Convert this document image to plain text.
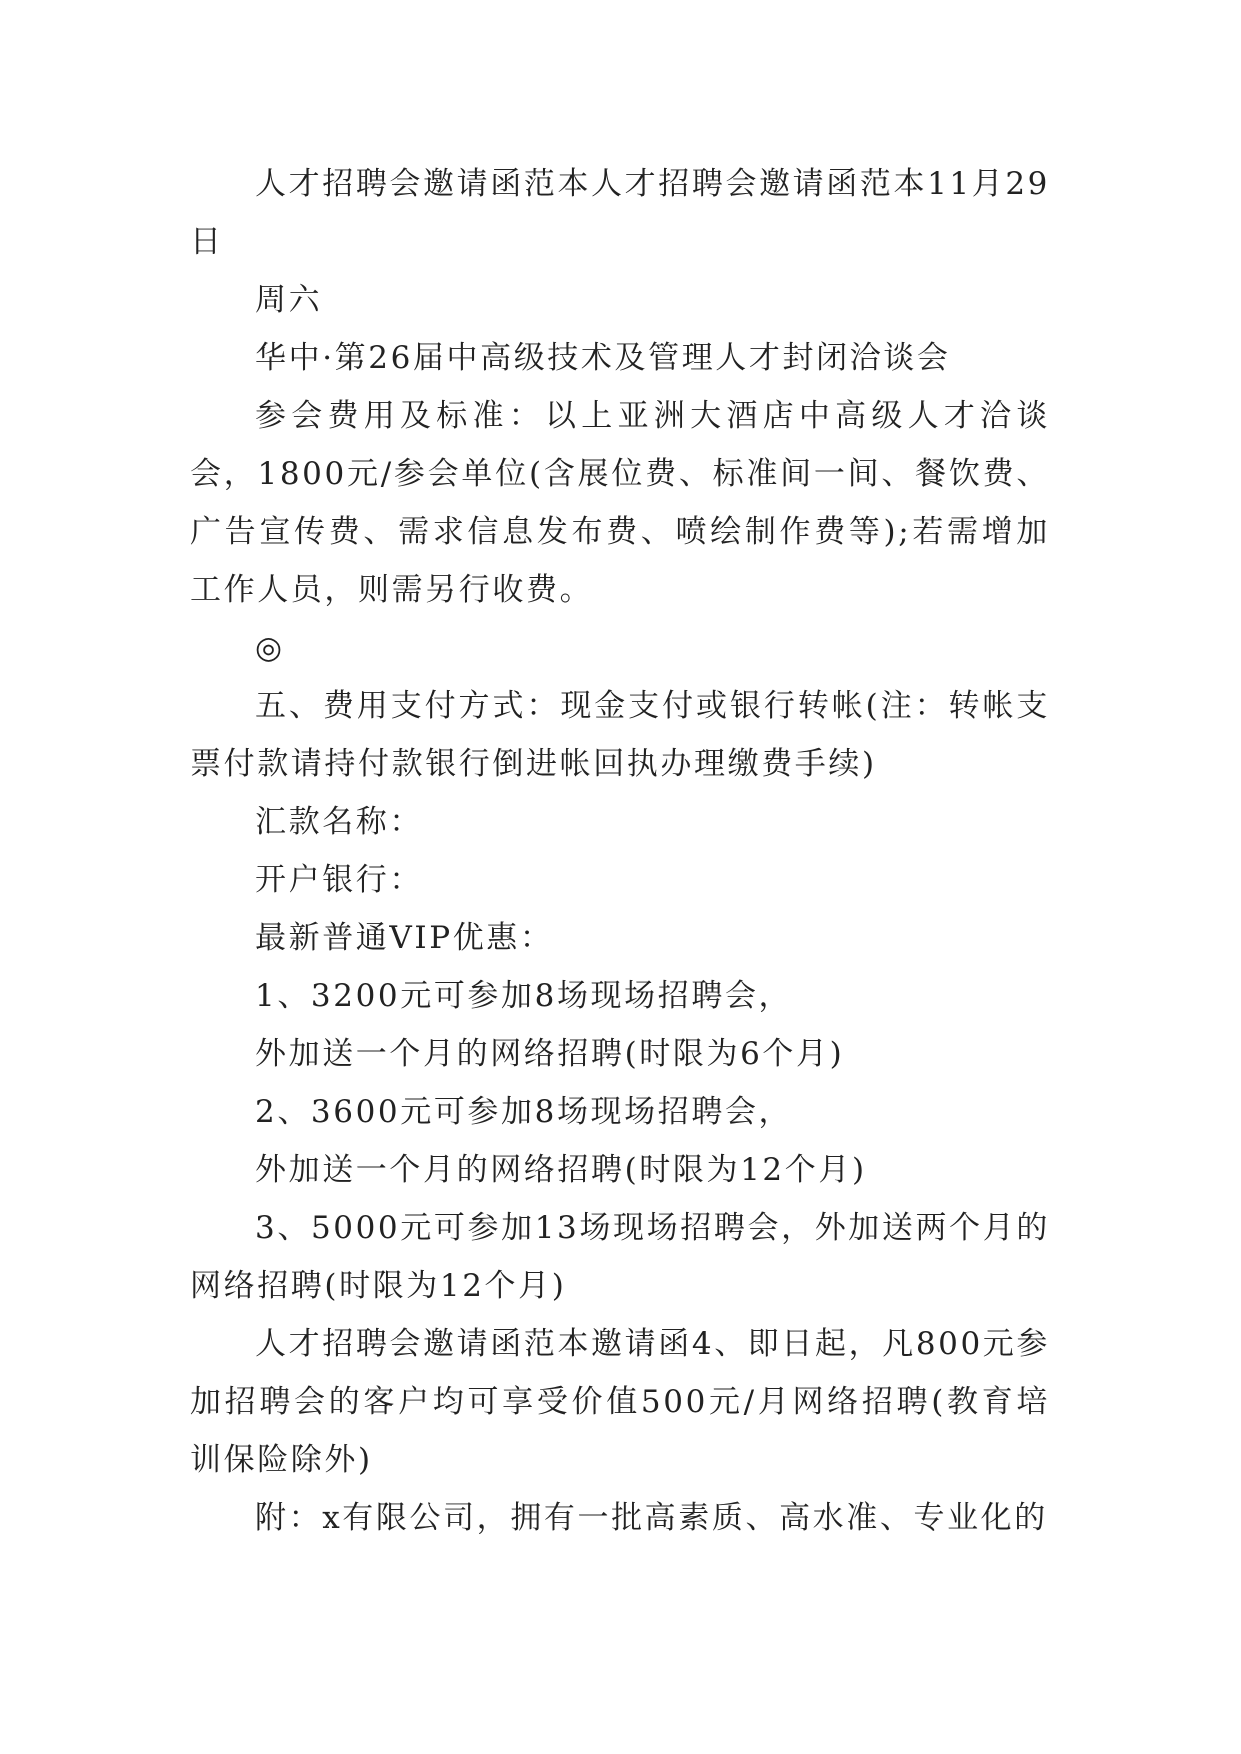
人才招聘会邀请函范本人才招聘会邀请函范本11月29日

周六

华中·第26届中高级技术及管理人才封闭洽谈会

参会费用及标准：以上亚洲大酒店中高级人才洽谈会，1800元/参会单位(含展位费、标准间一间、餐饮费、广告宣传费、需求信息发布费、喷绘制作费等);若需增加工作人员，则需另行收费。

◎

五、费用支付方式：现金支付或银行转帐(注：转帐支票付款请持付款银行倒进帐回执办理缴费手续)

汇款名称：

开户银行：

最新普通VIP优惠：

1、3200元可参加8场现场招聘会，

外加送一个月的网络招聘(时限为6个月)

2、3600元可参加8场现场招聘会，

外加送一个月的网络招聘(时限为12个月)

3、5000元可参加13场现场招聘会，外加送两个月的网络招聘(时限为12个月)

人才招聘会邀请函范本邀请函4、即日起，凡800元参加招聘会的客户均可享受价值500元/月网络招聘(教育培训保险除外)

附：x有限公司，拥有一批高素质、高水准、专业化的
